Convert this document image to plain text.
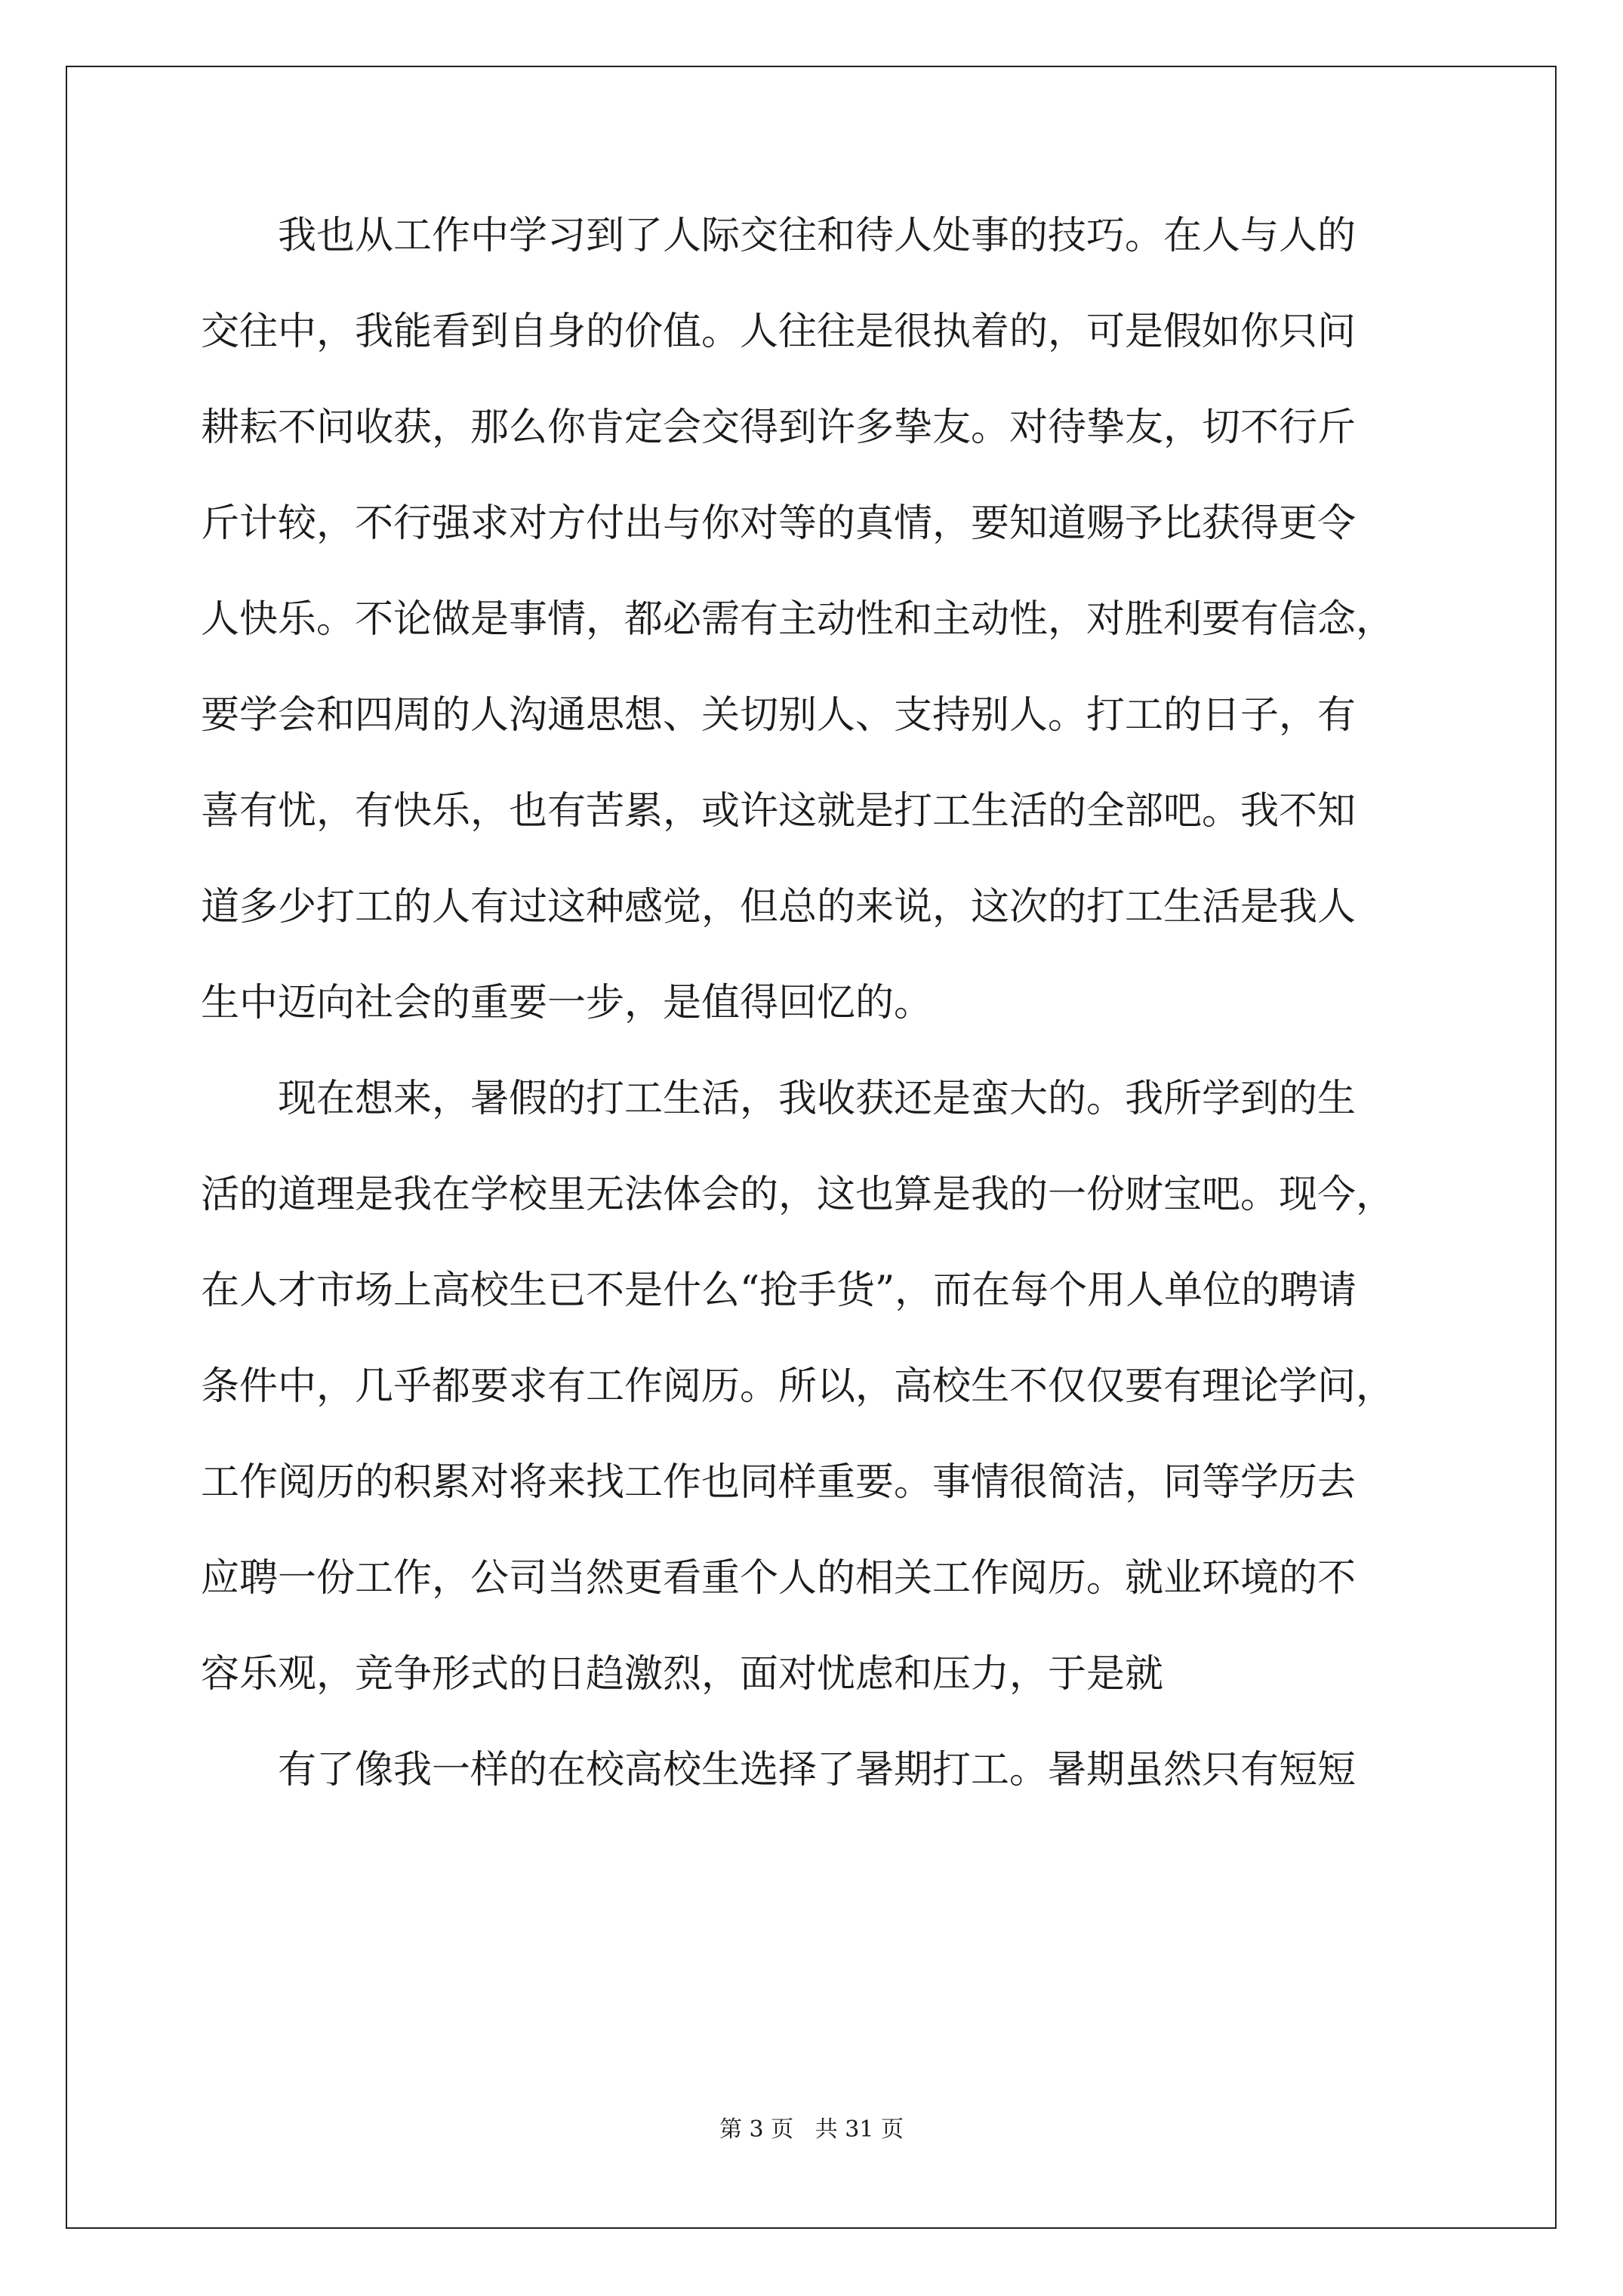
我也从工作中学习到了人际交往和待人处事的技巧。在人与人的
交往中，我能看到自身的价值。人往往是很执着的，可是假如你只问
耕耘不问收获，那么你肯定会交得到许多挚友。对待挚友，切不行斤
斤计较，不行强求对方付出与你对等的真情，要知道赐予比获得更令
人快乐。不论做是事情，都必需有主动性和主动性，对胜利要有信念，
要学会和四周的人沟通思想、关切别人、支持别人。打工的日子，有
喜有忧，有快乐，也有苦累，或许这就是打工生活的全部吧。我不知
道多少打工的人有过这种感觉，但总的来说，这次的打工生活是我人
生中迈向社会的重要一步，是值得回忆的。
现在想来，暑假的打工生活，我收获还是蛮大的。我所学到的生
活的道理是我在学校里无法体会的，这也算是我的一份财宝吧。现今，
在人才市场上高校生已不是什么“抢手货”，而在每个用人单位的聘请
条件中，几乎都要求有工作阅历。所以，高校生不仅仅要有理论学问，
工作阅历的积累对将来找工作也同样重要。事情很简洁，同等学历去
应聘一份工作，公司当然更看重个人的相关工作阅历。就业环境的不
容乐观，竞争形式的日趋激烈，面对忧虑和压力，于是就
有了像我一样的在校高校生选择了暑期打工。暑期虽然只有短短
第 3 页   共 31 页
